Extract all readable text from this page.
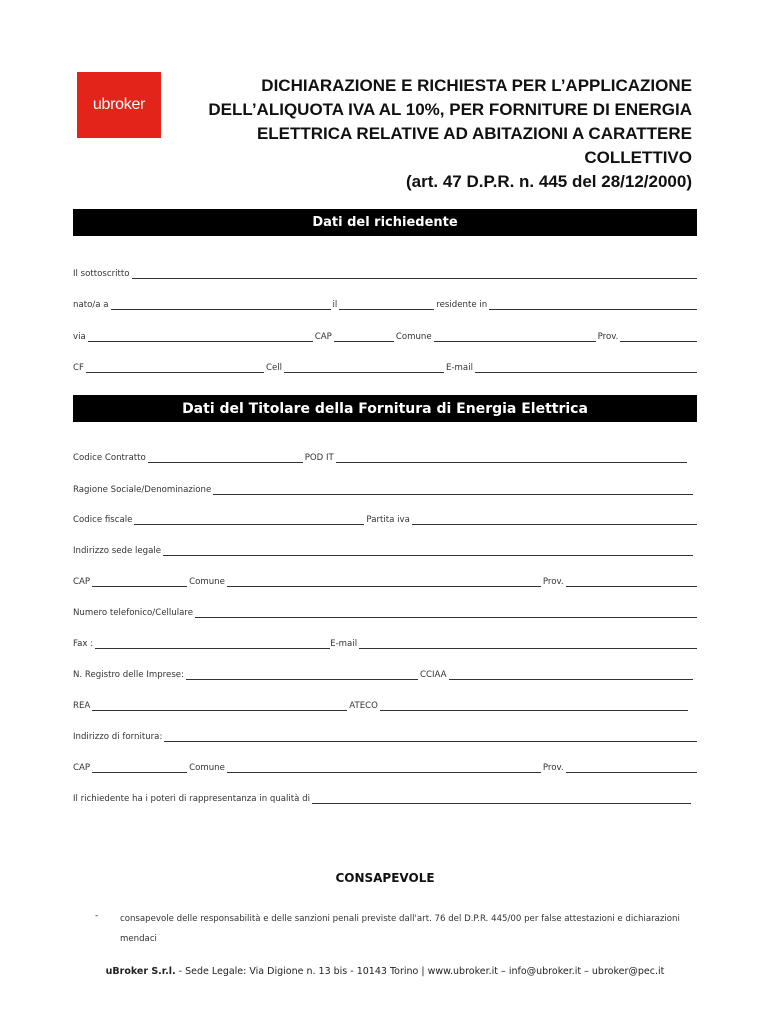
ubroker
DICHIARAZIONE E RICHIESTA PER L’APPLICAZIONE
DELL’ALIQUOTA IVA AL 10%, PER FORNITURE DI ENERGIA
ELETTRICA RELATIVE AD ABITAZIONI A CARATTERE
COLLETTIVO
(art. 47 D.P.R. n. 445 del 28/12/2000)
Dati del richiedente
Il sottoscritto
nato/a a	il	residente in
via	CAP	Comune	Prov.
CF	Cell	E-mail
Dati del Titolare della Fornitura di Energia Elettrica
Codice Contratto	POD IT
Ragione Sociale/Denominazione
Codice fiscale	Partita iva
Indirizzo sede legale
CAP	Comune	Prov.
Numero telefonico/Cellulare
Fax :	E-mail
N. Registro delle Imprese:	CCIAA
REA	ATECO
Indirizzo di fornitura:
CAP	Comune	Prov.
Il richiedente ha i poteri di rappresentanza in qualità di
CONSAPEVOLE
-	consapevole delle responsabilità e delle sanzioni penali previste dall'art. 76 del D.P.R. 445/00 per false attestazioni e dichiarazioni mendaci
uBroker S.r.l. - Sede Legale: Via Digione n. 13 bis - 10143 Torino | www.ubroker.it – info@ubroker.it – ubroker@pec.it
